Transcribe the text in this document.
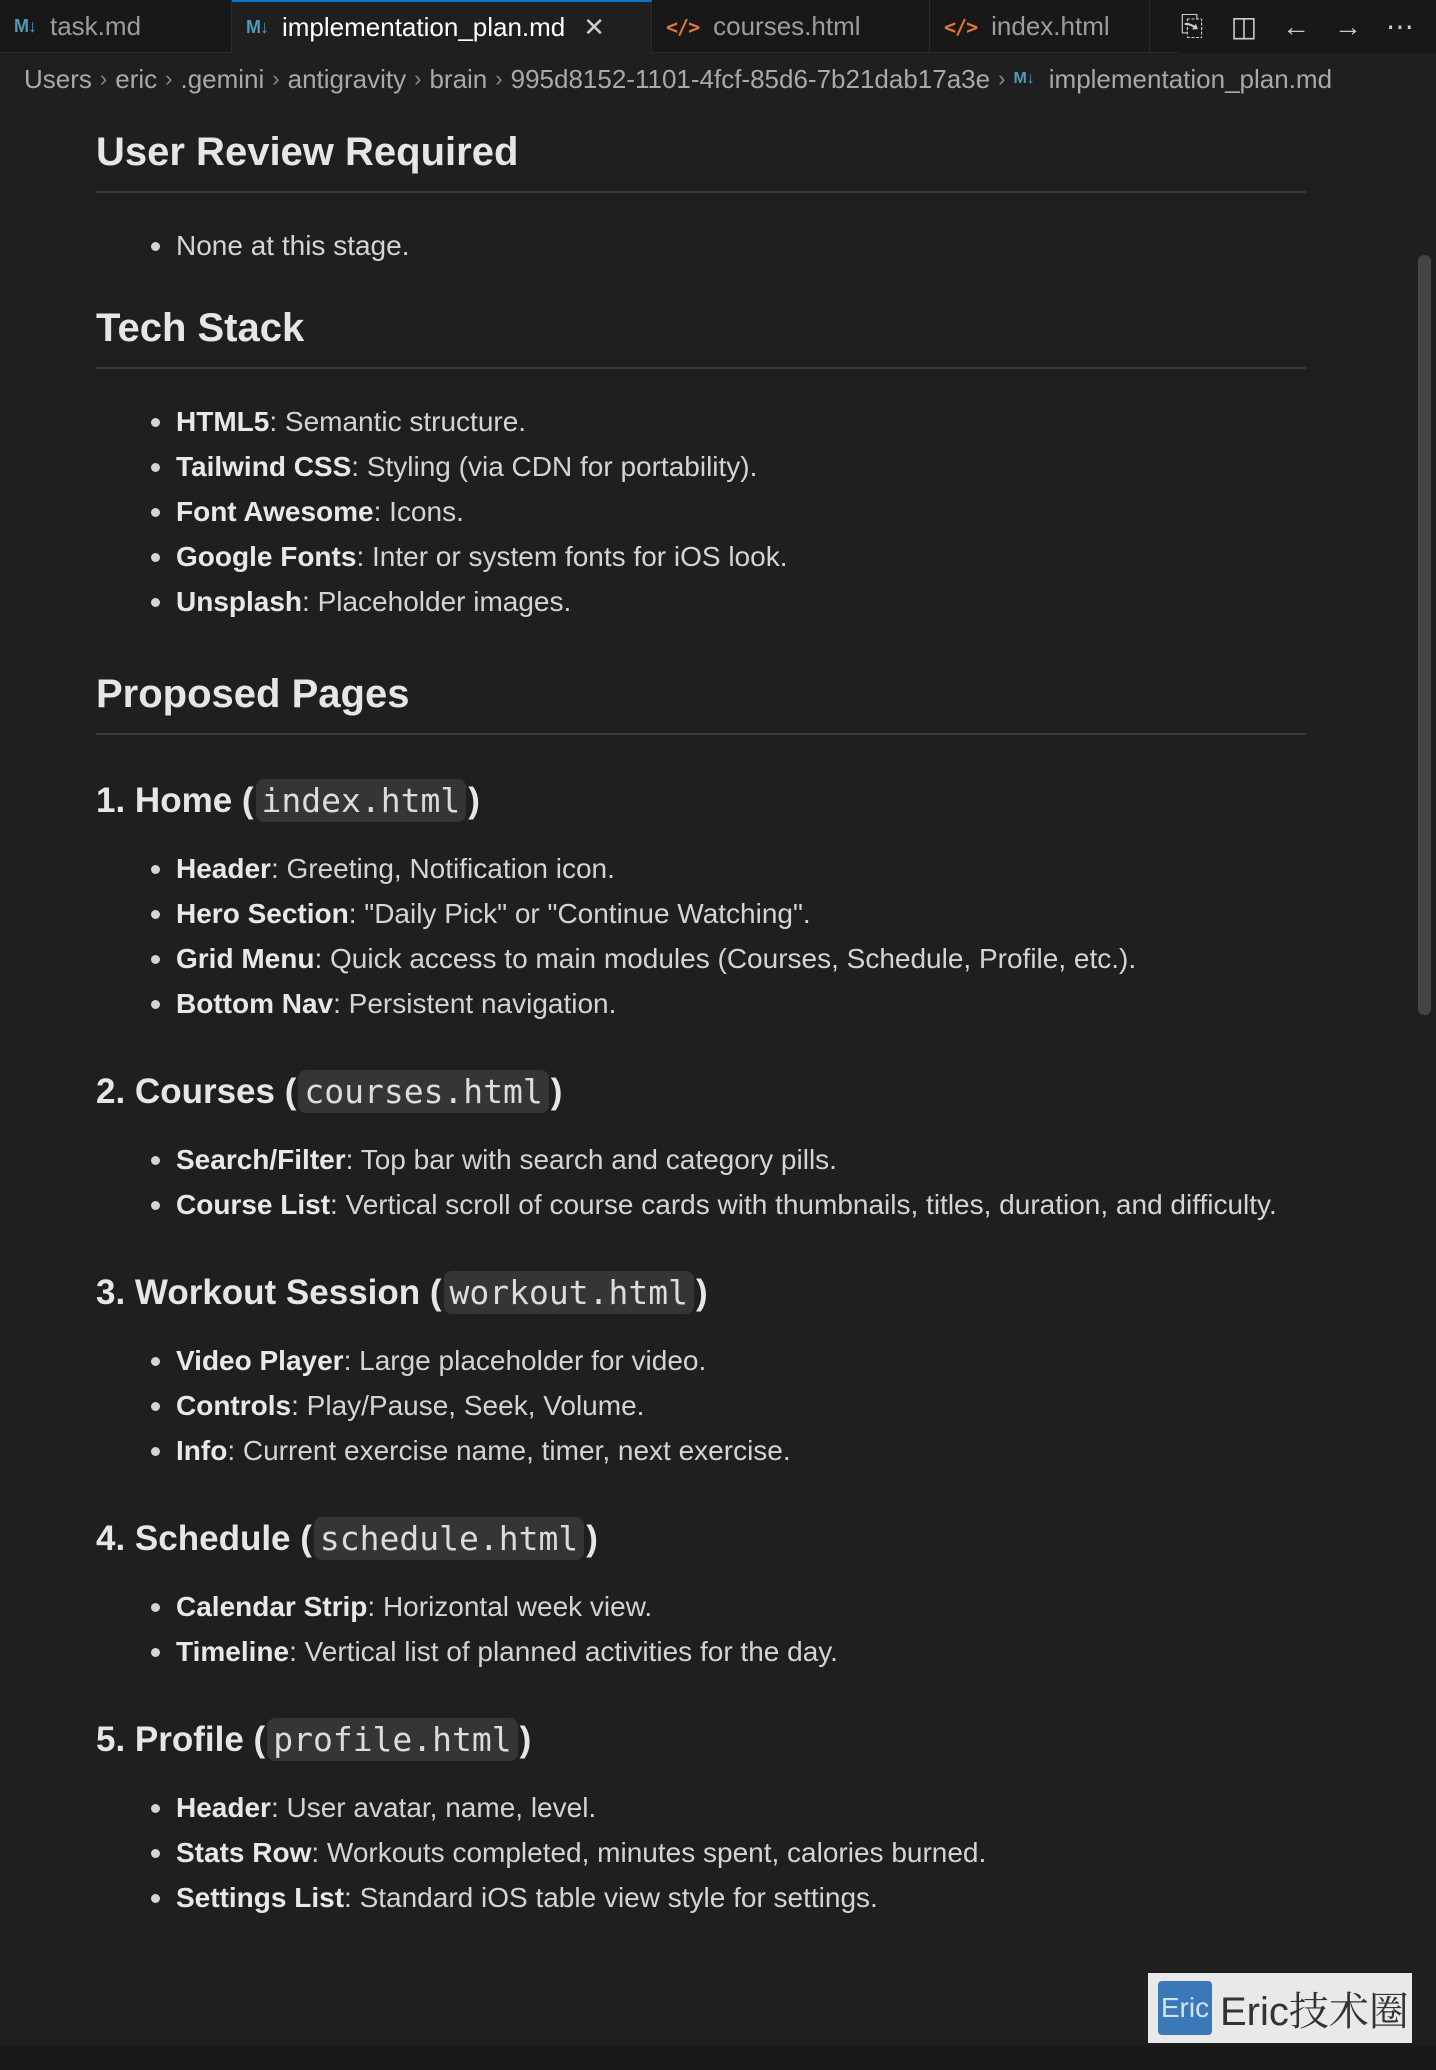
M↓ task.md	M↓ implementation_plan.md ✕	</> courses.html	</> index.html	⎘ ◫ ← → ⋯
Users › eric › .gemini › antigravity › brain › 995d8152-1101-4fcf-85d6-7b21dab17a3e › M↓ implementation_plan.md
User Review Required
None at this stage.
Tech Stack
HTML5: Semantic structure.
Tailwind CSS: Styling (via CDN for portability).
Font Awesome: Icons.
Google Fonts: Inter or system fonts for iOS look.
Unsplash: Placeholder images.
Proposed Pages
1. Home ( index.html )
Header: Greeting, Notification icon.
Hero Section: "Daily Pick" or "Continue Watching".
Grid Menu: Quick access to main modules (Courses, Schedule, Profile, etc.).
Bottom Nav: Persistent navigation.
2. Courses ( courses.html )
Search/Filter: Top bar with search and category pills.
Course List: Vertical scroll of course cards with thumbnails, titles, duration, and difficulty.
3. Workout Session ( workout.html )
Video Player: Large placeholder for video.
Controls: Play/Pause, Seek, Volume.
Info: Current exercise name, timer, next exercise.
4. Schedule ( schedule.html )
Calendar Strip: Horizontal week view.
Timeline: Vertical list of planned activities for the day.
5. Profile ( profile.html )
Header: User avatar, name, level.
Stats Row: Workouts completed, minutes spent, calories burned.
Settings List: Standard iOS table view style for settings.
Eric Eric技术圈
